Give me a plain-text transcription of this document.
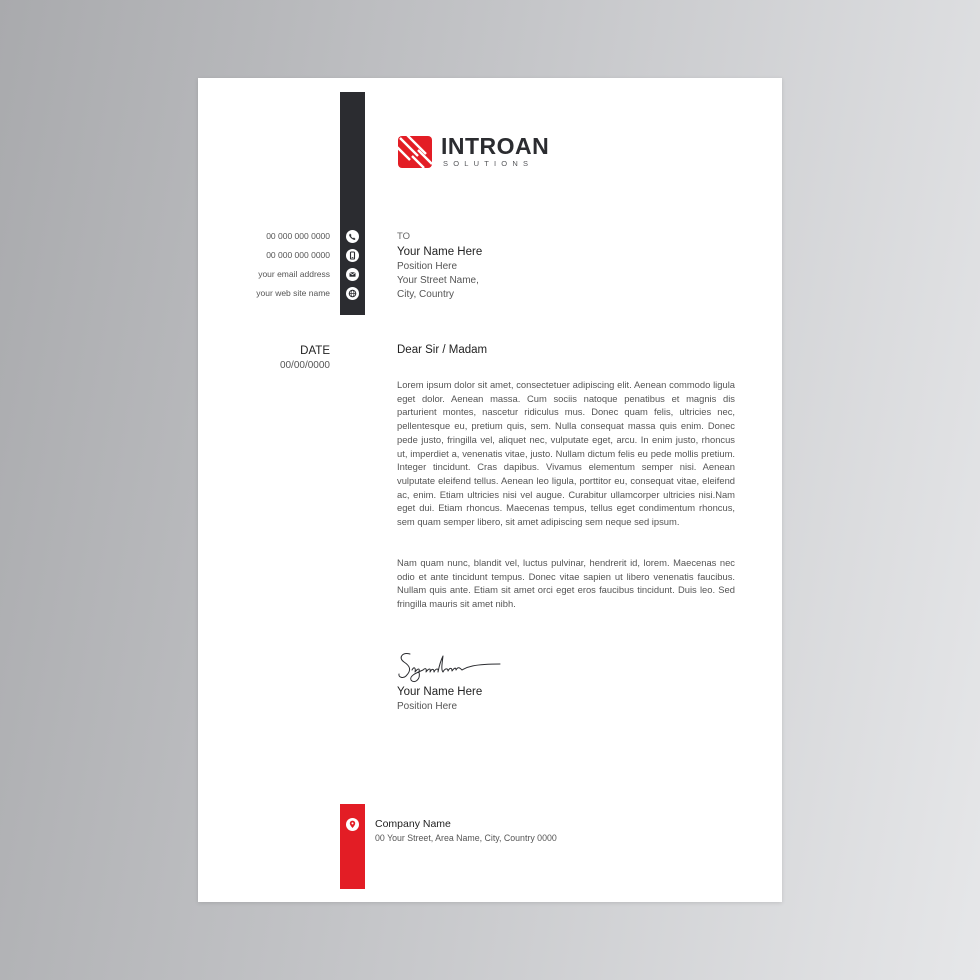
INTROAN
SOLUTIONS
00 000 000 0000
00 000 000 0000
your email address
your web site name
TO
Your Name Here
Position Here
Your Street Name,
City, Country
DATE
00/00/0000
Dear Sir / Madam

Lorem ipsum dolor sit amet, consectetuer adipiscing elit. Aenean commodo ligula eget dolor. Aenean massa. Cum sociis natoque penatibus et magnis dis parturient montes, nascetur ridiculus mus. Donec quam felis, ultricies nec, pellentesque eu, pretium quis, sem. Nulla consequat massa quis enim. Donec pede justo, fringilla vel, aliquet nec, vulputate eget, arcu. In enim justo, rhoncus ut, imperdiet a, venenatis vitae, justo. Nullam dictum felis eu pede mollis pretium. Integer tincidunt. Cras dapibus. Vivamus elementum semper nisi. Aenean vulputate eleifend tellus. Aenean leo ligula, porttitor eu, consequat vitae, eleifend ac, enim. Etiam ultricies nisi vel augue. Curabitur ullamcorper ultricies nisi.Nam eget dui. Etiam rhoncus. Maecenas tempus, tellus eget condimentum rhoncus, sem quam semper libero, sit amet adipiscing sem neque sed ipsum.

Nam quam nunc, blandit vel, luctus pulvinar, hendrerit id, lorem. Maecenas nec odio et ante tincidunt tempus. Donec vitae sapien ut libero venenatis faucibus. Nullam quis ante. Etiam sit amet orci eget eros faucibus tincidunt. Duis leo. Sed fringilla mauris sit amet nibh.

Your Name Here
Position Here
Company Name
00 Your Street, Area Name, City, Country 0000
